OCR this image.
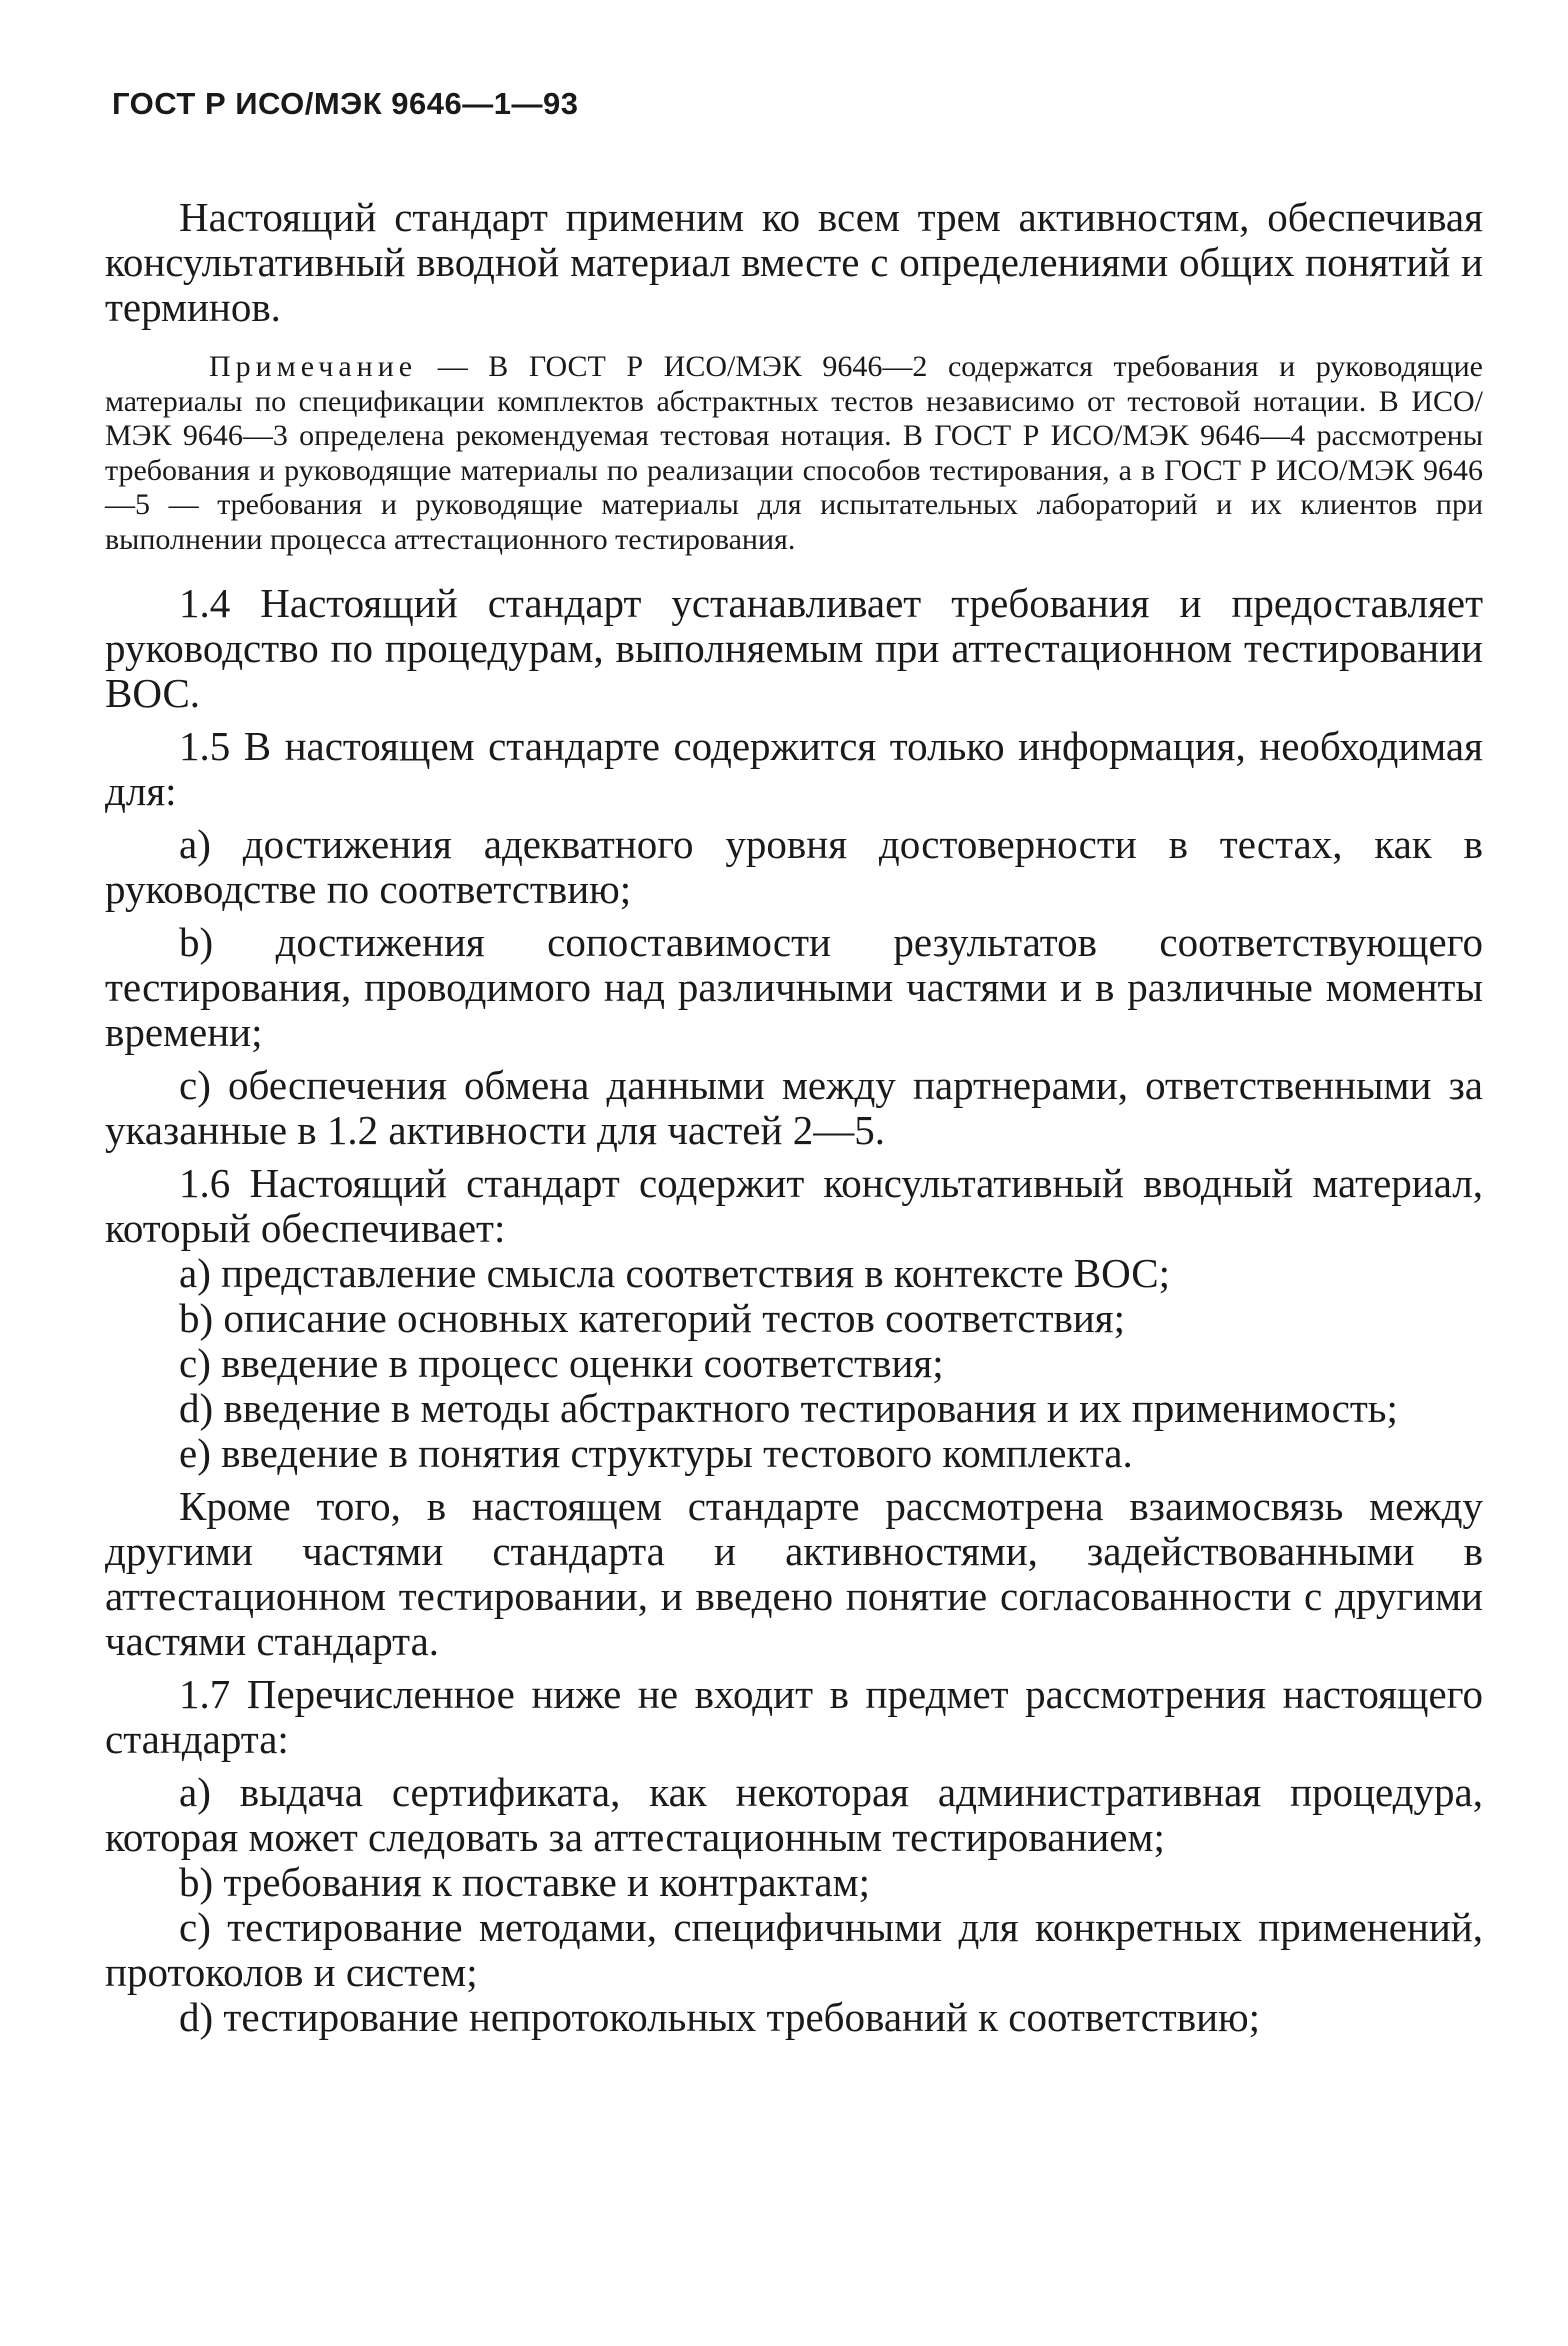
ГОСТ Р ИСО/МЭК 9646—1—93

Настоящий стандарт применим ко всем трем активностям, обеспечивая консультативный вводной материал вместе с определениями общих понятий и терминов.

Примечание — В ГОСТ Р ИСО/МЭК 9646—2 содержатся требования и руководящие материалы по спецификации комплектов абстрактных тестов независимо от тестовой нотации. В ИСО/МЭК 9646—3 определена рекомендуемая тестовая нотация. В ГОСТ Р ИСО/МЭК 9646—4 рассмотрены требования и руководящие материалы по реализации способов тестирования, а в ГОСТ Р ИСО/МЭК 9646—5 — требования и руководящие материалы для испытательных лабораторий и их клиентов при выполнении процесса аттестационного тестирования.

1.4 Настоящий стандарт устанавливает требования и предоставляет руководство по процедурам, выполняемым при аттестационном тестировании ВОС.

1.5 В настоящем стандарте содержится только информация, необходимая для:

a) достижения адекватного уровня достоверности в тестах, как в руководстве по соответствию;

b) достижения сопоставимости результатов соответствующего тестирования, проводимого над различными частями и в различные моменты времени;

c) обеспечения обмена данными между партнерами, ответственными за указанные в 1.2 активности для частей 2—5.

1.6 Настоящий стандарт содержит консультативный вводный материал, который обеспечивает:

a) представление смысла соответствия в контексте ВОС;

b) описание основных категорий тестов соответствия;

c) введение в процесс оценки соответствия;

d) введение в методы абстрактного тестирования и их применимость;

e) введение в понятия структуры тестового комплекта.

Кроме того, в настоящем стандарте рассмотрена взаимосвязь между другими частями стандарта и активностями, задействованными в аттестационном тестировании, и введено понятие согласованности с другими частями стандарта.

1.7 Перечисленное ниже не входит в предмет рассмотрения настоящего стандарта:

a) выдача сертификата, как некоторая административная процедура, которая может следовать за аттестационным тестированием;

b) требования к поставке и контрактам;

c) тестирование методами, специфичными для конкретных применений, протоколов и систем;

d) тестирование непротокольных требований к соответствию;
